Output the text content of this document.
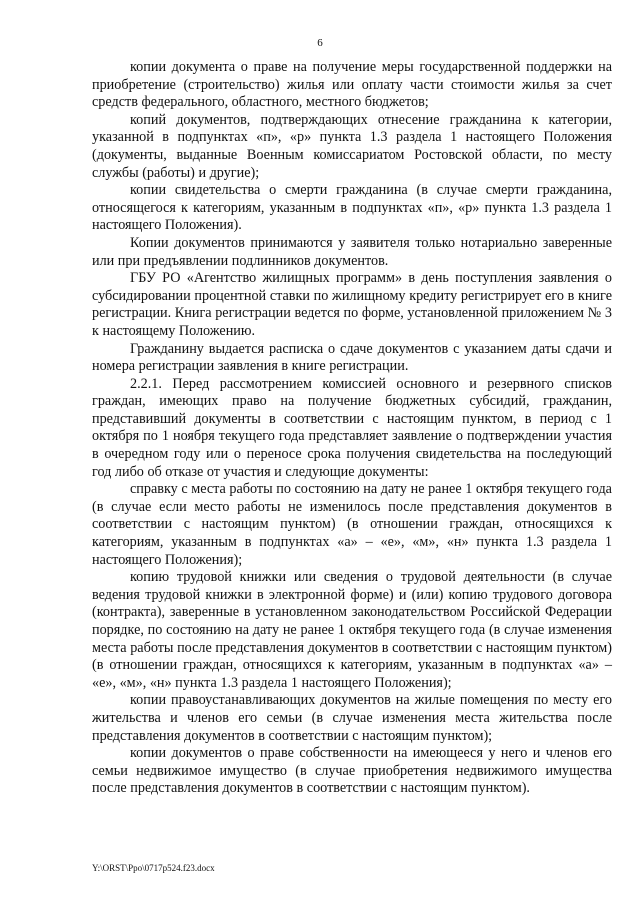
6

копии документа о праве на получение меры государственной поддержки на приобретение (строительство) жилья или оплату части стоимости жилья за счет средств федерального, областного, местного бюджетов;

копий документов, подтверждающих отнесение гражданина к категории, указанной в подпунктах «п», «р» пункта 1.3 раздела 1 настоящего Положения (документы, выданные Военным комиссариатом Ростовской области, по месту службы (работы) и другие);

копии свидетельства о смерти гражданина (в случае смерти гражданина, относящегося к категориям, указанным в подпунктах «п», «р» пункта 1.3 раздела 1 настоящего Положения).

Копии документов принимаются у заявителя только нотариально заверенные или при предъявлении подлинников документов.

ГБУ РО «Агентство жилищных программ» в день поступления заявления о субсидировании процентной ставки по жилищному кредиту регистрирует его в книге регистрации. Книга регистрации ведется по форме, установленной приложением № 3 к настоящему Положению.

Гражданину выдается расписка о сдаче документов с указанием даты сдачи и номера регистрации заявления в книге регистрации.

2.2.1. Перед рассмотрением комиссией основного и резервного списков граждан, имеющих право на получение бюджетных субсидий, гражданин, представивший документы в соответствии с настоящим пунктом, в период с 1 октября по 1 ноября текущего года представляет заявление о подтверждении участия в очередном году или о переносе срока получения свидетельства на последующий год либо об отказе от участия и следующие документы:

справку с места работы по состоянию на дату не ранее 1 октября текущего года (в случае если место работы не изменилось после представления документов в соответствии с настоящим пунктом) (в отношении граждан, относящихся к категориям, указанным в подпунктах «а» – «е», «м», «н» пункта 1.3 раздела 1 настоящего Положения);

копию трудовой книжки или сведения о трудовой деятельности (в случае ведения трудовой книжки в электронной форме) и (или) копию трудового договора (контракта), заверенные в установленном законодательством Российской Федерации порядке, по состоянию на дату не ранее 1 октября текущего года (в случае изменения места работы после представления документов в соответствии с настоящим пунктом) (в отношении граждан, относящихся к категориям, указанным в подпунктах «а» – «е», «м», «н» пункта 1.3 раздела 1 настоящего Положения);

копии правоустанавливающих документов на жилые помещения по месту его жительства и членов его семьи (в случае изменения места жительства после представления документов в соответствии с настоящим пунктом);

копии документов о праве собственности на имеющееся у него и членов его семьи недвижимое имущество (в случае приобретения недвижимого имущества после представления документов в соответствии с настоящим пунктом).

Y:\ORST\Ppo\0717p524.f23.docx
